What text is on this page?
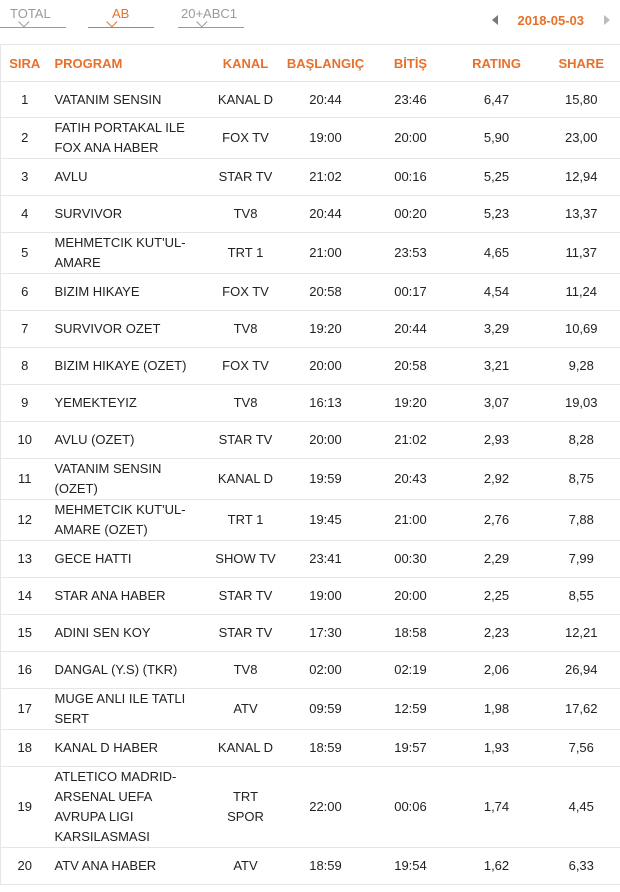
TOTAL	AB	20+ABC1	2018-05-03
SIRA	PROGRAM	KANAL	BAŞLANGIÇ	BİTİŞ	RATING	SHARE
1	VATANIM SENSIN	KANAL D	20:44	23:46	6,47	15,80
2	FATIH PORTAKAL ILE FOX ANA HABER	FOX TV	19:00	20:00	5,90	23,00
3	AVLU	STAR TV	21:02	00:16	5,25	12,94
4	SURVIVOR	TV8	20:44	00:20	5,23	13,37
5	MEHMETCIK KUT'UL-AMARE	TRT 1	21:00	23:53	4,65	11,37
6	BIZIM HIKAYE	FOX TV	20:58	00:17	4,54	11,24
7	SURVIVOR OZET	TV8	19:20	20:44	3,29	10,69
8	BIZIM HIKAYE (OZET)	FOX TV	20:00	20:58	3,21	9,28
9	YEMEKTEYIZ	TV8	16:13	19:20	3,07	19,03
10	AVLU (OZET)	STAR TV	20:00	21:02	2,93	8,28
11	VATANIM SENSIN (OZET)	KANAL D	19:59	20:43	2,92	8,75
12	MEHMETCIK KUT'UL-AMARE (OZET)	TRT 1	19:45	21:00	2,76	7,88
13	GECE HATTI	SHOW TV	23:41	00:30	2,29	7,99
14	STAR ANA HABER	STAR TV	19:00	20:00	2,25	8,55
15	ADINI SEN KOY	STAR TV	17:30	18:58	2,23	12,21
16	DANGAL (Y.S) (TKR)	TV8	02:00	02:19	2,06	26,94
17	MUGE ANLI ILE TATLI SERT	ATV	09:59	12:59	1,98	17,62
18	KANAL D HABER	KANAL D	18:59	19:57	1,93	7,56
19	ATLETICO MADRID-ARSENAL UEFA AVRUPA LIGI KARSILASMASI	TRT SPOR	22:00	00:06	1,74	4,45
20	ATV ANA HABER	ATV	18:59	19:54	1,62	6,33
